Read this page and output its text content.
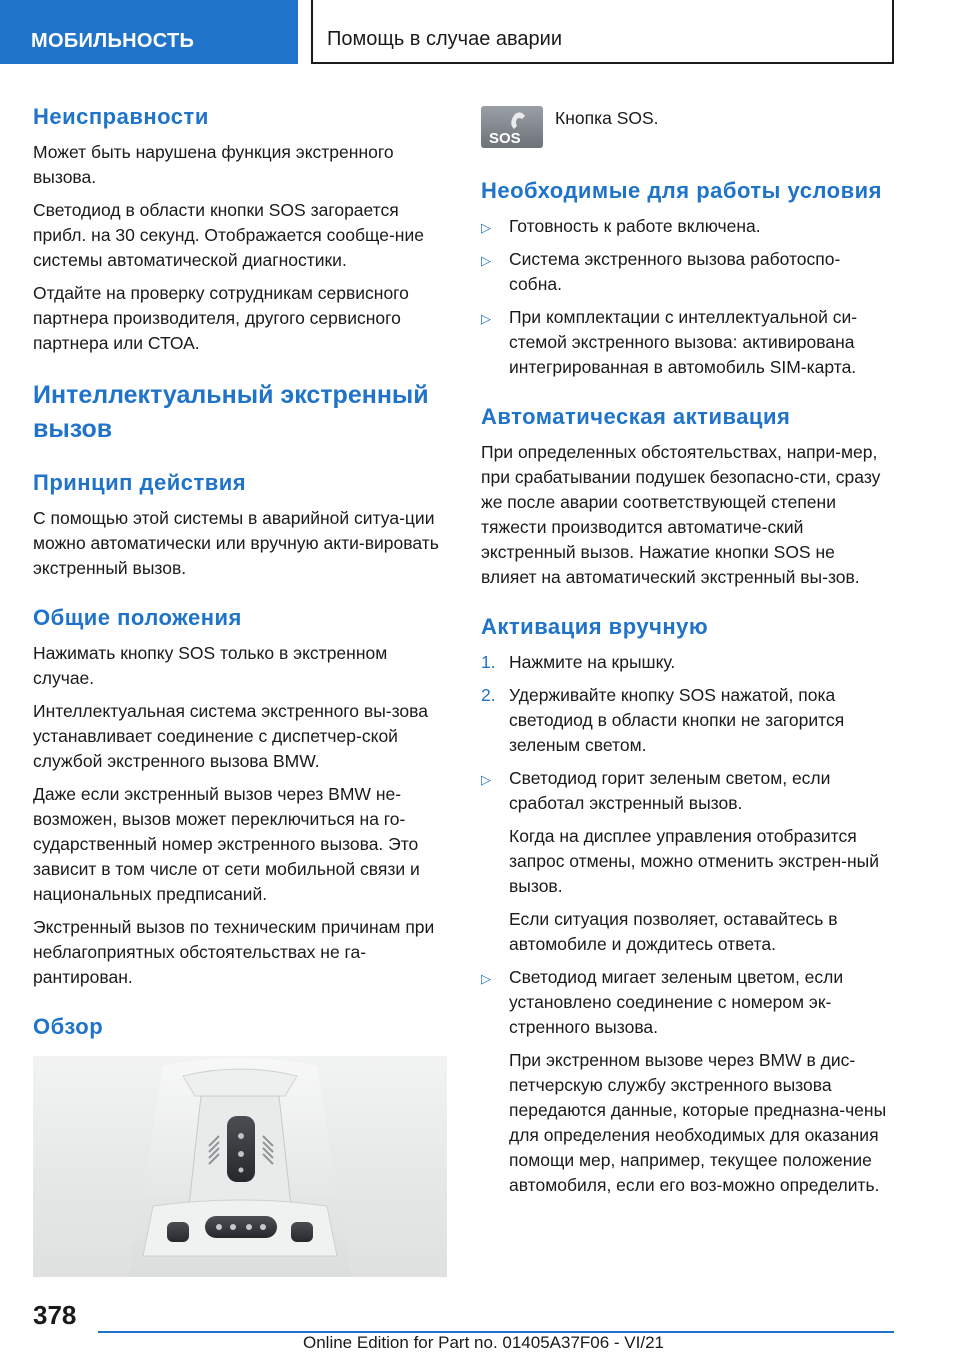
МОБИЛЬНОСТЬ	Помощь в случае аварии
Неисправности

Может быть нарушена функция экстренного вызова.

Светодиод в области кнопки SOS загорается прибл. на 30 секунд. Отображается сообще-ние системы автоматической диагностики.

Отдайте на проверку сотрудникам сервисного партнера производителя, другого сервисного партнера или СТОА.

Интеллектуальный экстренный вызов
Принцип действия

С помощью этой системы в аварийной ситуа-ции можно автоматически или вручную акти-вировать экстренный вызов.

Общие положения

Нажимать кнопку SOS только в экстренном случае.

Интеллектуальная система экстренного вы-зова устанавливает соединение с диспетчер-ской службой экстренного вызова BMW.

Даже если экстренный вызов через BMW не-возможен, вызов может переключиться на го-сударственный номер экстренного вызова. Это зависит в том числе от сети мобильной связи и национальных предписаний.

Экстренный вызов по техническим причинам при неблагоприятных обстоятельствах не га-рантирован.

Обзор
SOS
Кнопка SOS.
Необходимые для работы условия
▷ Готовность к работе включена.
▷ Система экстренного вызова работоспо-собна.
▷ При комплектации с интеллектуальной си-стемой экстренного вызова: активирована интегрированная в автомобиль SIM-карта.
Автоматическая активация

При определенных обстоятельствах, напри-мер, при срабатывании подушек безопасно-сти, сразу же после аварии соответствующей степени тяжести производится автоматиче-ский экстренный вызов. Нажатие кнопки SOS не влияет на автоматический экстренный вы-зов.

Активация вручную
1. Нажмите на крышку.
2. Удерживайте кнопку SOS нажатой, пока светодиод в области кнопки не загорится зеленым светом.
▷ Светодиод горит зеленым светом, если сработал экстренный вызов.

Когда на дисплее управления отобразится запрос отмены, можно отменить экстрен-ный вызов.

Если ситуация позволяет, оставайтесь в автомобиле и дождитесь ответа.

▷ Светодиод мигает зеленым цветом, если установлено соединение с номером эк-стренного вызова.

При экстренном вызове через BMW в дис-петчерскую службу экстренного вызова передаются данные, которые предназна-чены для определения необходимых для оказания помощи мер, например, текущее положение автомобиля, если его воз-можно определить.

378
Online Edition for Part no. 01405A37F06 - VI/21
